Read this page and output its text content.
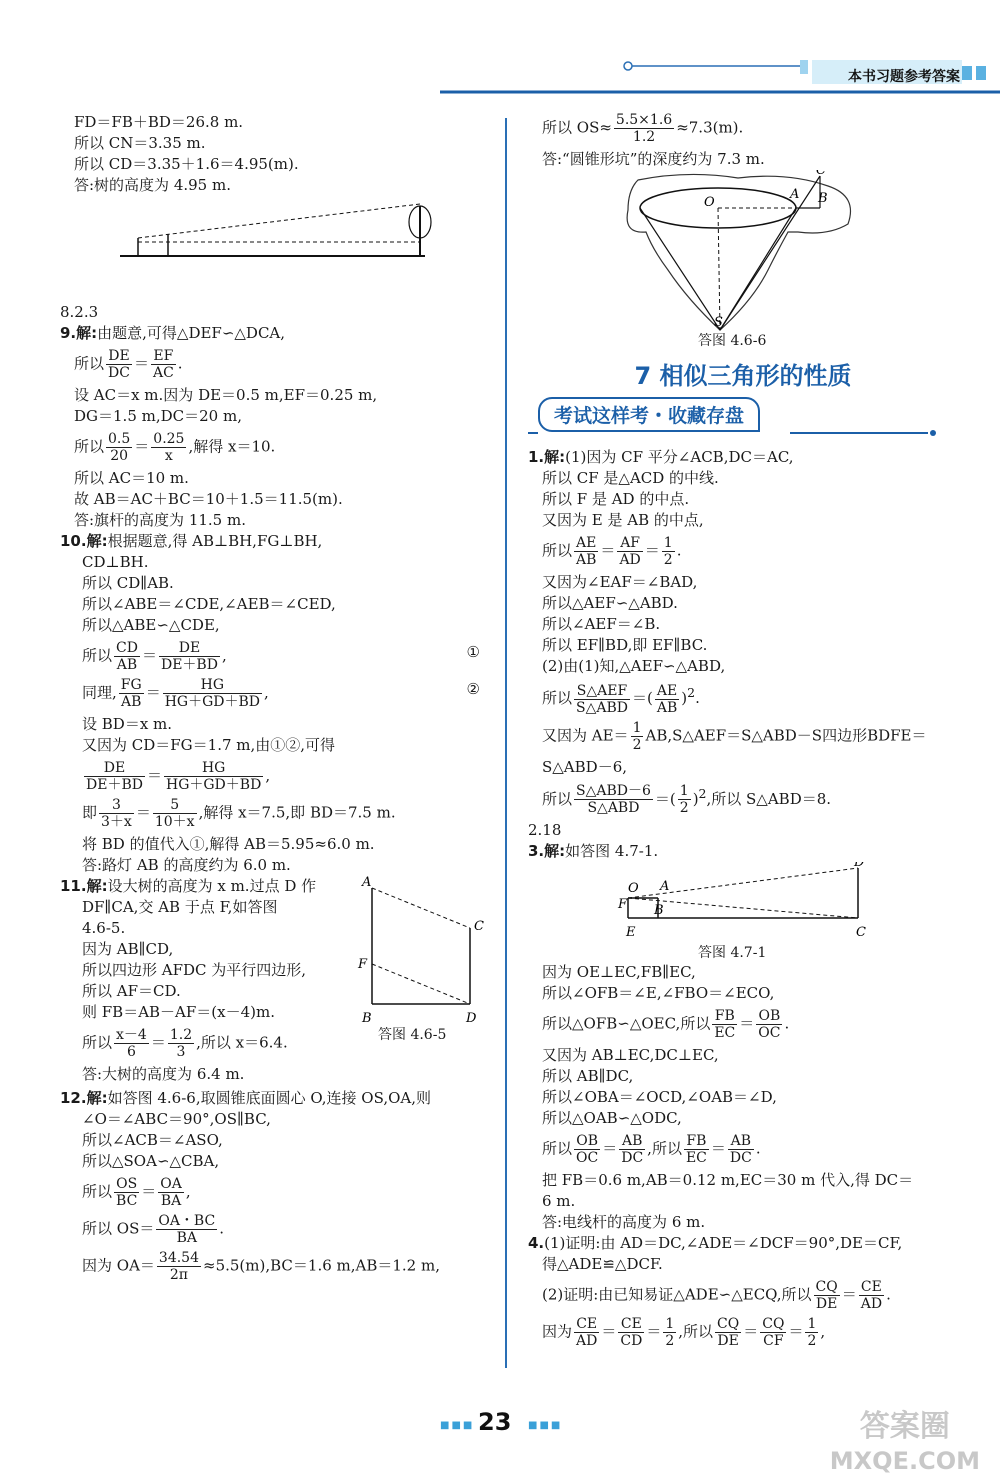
本书习题参考答案
FD＝FB＋BD＝26.8 m.
所以 CN＝3.35 m.
所以 CD＝3.35＋1.6＝4.95(m).
答:树的高度为 4.95 m.
8.2.3
9.解:由题意,可得△DEF∽△DCA,
所以 $\frac{DE}{DC} = \frac{EF}{AC}$ .
设 AC＝x m.因为 DE＝0.5 m,EF＝0.25 m,
DG＝1.5 m,DC＝20 m,
所以 $\frac{0.5}{20} = \frac{0.25}{x}$ ,解得 x＝10.
所以 AC＝10 m.
故 AB＝AC＋BC＝10＋1.5＝11.5(m).
答:旗杆的高度为 11.5 m.
10.解:根据题意,得 AB⊥BH,FG⊥BH,
CD⊥BH.
所以 CD∥AB.
所以∠ABE＝∠CDE,∠AEB＝∠CED,
所以△ABE∽△CDE,
所以 $\frac{CD}{AB} = \frac{DE}{DE+BD}$ ,	①
同理, $\frac{FG}{AB} = \frac{HG}{HG+GD+BD}$ ,	②
设 BD＝x m.
又因为 CD＝FG＝1.7 m,由①②,可得
$\frac{DE}{DE+BD} = \frac{HG}{HG+GD+BD}$ ,
即 $\frac{3}{3+x} = \frac{5}{10+x}$ ,解得 x＝7.5,即 BD＝7.5 m.
将 BD 的值代入①,解得 AB＝5.95≈6.0 m.
答:路灯 AB 的高度约为 6.0 m.
11.解:设大树的高度为 x m.过点 D 作
DF∥CA,交 AB 于点 F,如答图
4.6-5.
因为 AB∥CD,
所以四边形 AFDC 为平行四边形,
所以 AF＝CD.
则 FB＝AB－AF＝(x－4)m.
所以 $\frac{x-4}{6} = \frac{1.2}{3}$ ,所以 x＝6.4.
答:大树的高度为 6.4 m.
A
C
F
B	D
答图 4.6-5
12.解:如答图 4.6-6,取圆锥底面圆心 O,连接 OS,OA,则
∠O＝∠ABC＝90°,OS∥BC,
所以∠ACB＝∠ASO,
所以△SOA∽△CBA,
所以 $\frac{OS}{BC} = \frac{OA}{BA}$ ,
所以 $OS= \frac{OA・BC}{BA}$ .
因为 $OA= \frac{34.54}{2\pi} \approx 5.5(m),BC=1.6$ m,AB＝1.2 m,
所以 $OS\approx \frac{5.5\times 1.6}{1.2} \approx 7.3(m)$.
答:“圆锥形坑”的深度约为 7.3 m.
C
O
A B
S
答图 4.6-6
7 相似三角形的性质
考试这样考・收藏存盘
1.解:(1)因为 CF 平分∠ACB,DC＝AC,
所以 CF 是△ACD 的中线.
所以 F 是 AD 的中点.
又因为 E 是 AB 的中点,
所以 $\frac{AE}{AB} = \frac{AF}{AD} = \frac{1}{2}$ .
又因为∠EAF＝∠BAD,
所以△AEF∽△ABD.
所以∠AEF＝∠B.
所以 EF∥BD,即 EF∥BC.
(2)由(1)知,△AEF∽△ABD,
所以 $\frac{\text{S△AEF}}{\text{S△ABD}}$ ＝( $\frac{AE}{AB} )^2$.
又因为 $AE= \frac{1}{2}$ AB,S△AEF＝S△ABD－S四边形BDFE＝
S△ABD－6,
所以 $\frac{\text{S△ABD－6}}{\text{S△ABD}}$ ＝( $\frac{1}{2} )^2$,所以 S△ABD＝8.
2.18
3.解:如答图 4.7-1.
D
O A
F B
E	C
答图 4.7-1
因为 OE⊥EC,FB∥EC,
所以∠OFB＝∠E,∠FBO＝∠ECO,
所以△OFB∽△OEC,所以 $\frac{FB}{EC} = \frac{OB}{OC}$ .
又因为 AB⊥EC,DC⊥EC,
所以 AB∥DC,
所以∠OBA＝∠OCD,∠OAB＝∠D,
所以△OAB∽△ODC,
所以 $\frac{OB}{OC} = \frac{AB}{DC}$ ,所以 $\frac{FB}{EC} = \frac{AB}{DC}$ .
把 FB＝0.6 m,AB＝0.12 m,EC＝30 m 代入,得 DC＝
6 m.
答:电线杆的高度为 6 m.
4.(1)证明:由 AD＝DC,∠ADE＝∠DCF＝90°,DE＝CF,
得△ADE≌△DCF.
(2)证明:由已知易证△ADE∽△ECQ,所以 $\frac{CQ}{DE} = \frac{CE}{AD}$ .
因为 $\frac{CE}{AD} = \frac{CE}{CD} = \frac{1}{2}$ ,所以 $\frac{CQ}{DE} = \frac{CQ}{CF} = \frac{1}{2}$ ,
■■■ 23 ■■■	答案圈
MXQE.COM
